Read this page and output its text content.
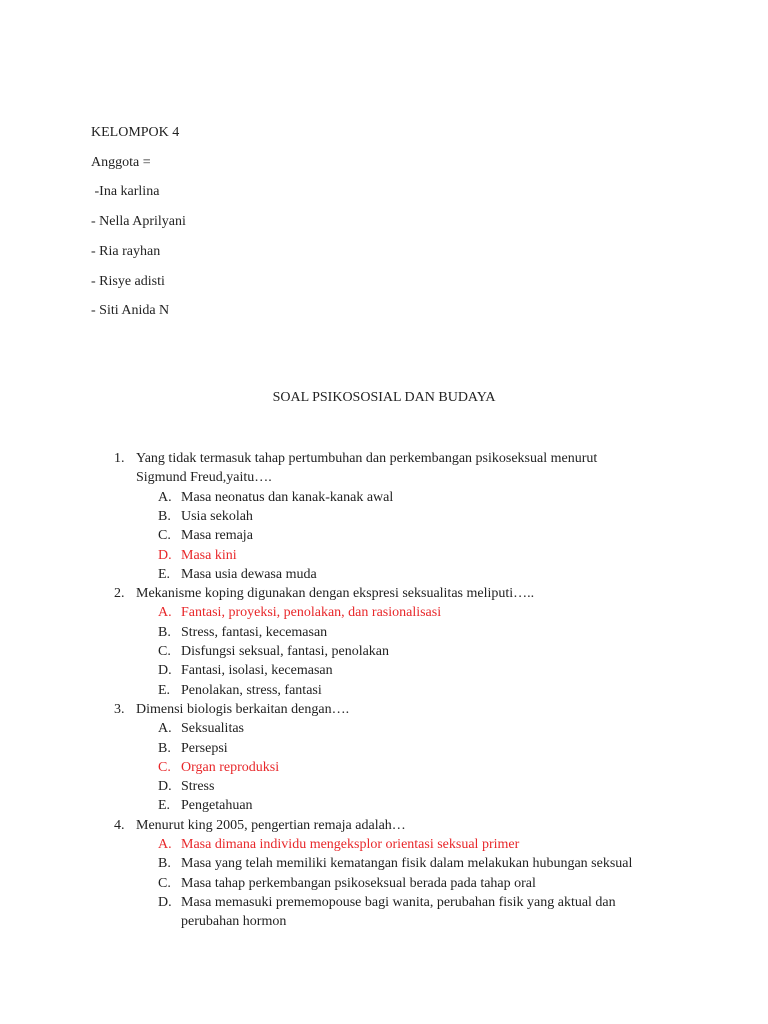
KELOMPOK 4
Anggota =
-Ina karlina
- Nella Aprilyani
- Ria rayhan
- Risye adisti
- Siti Anida N
SOAL PSIKOSOSIAL DAN BUDAYA
1. Yang tidak termasuk tahap pertumbuhan dan perkembangan psikoseksual menurut
Sigmund Freud,yaitu….
A. Masa neonatus dan kanak-kanak awal
B. Usia sekolah
C. Masa remaja
D. Masa kini
E. Masa usia dewasa muda
2. Mekanisme koping digunakan dengan ekspresi seksualitas meliputi…..
A. Fantasi, proyeksi, penolakan, dan rasionalisasi
B. Stress, fantasi, kecemasan
C. Disfungsi seksual, fantasi, penolakan
D. Fantasi, isolasi, kecemasan
E. Penolakan, stress, fantasi
3. Dimensi biologis berkaitan dengan….
A. Seksualitas
B. Persepsi
C. Organ reproduksi
D. Stress
E. Pengetahuan
4. Menurut king 2005, pengertian remaja adalah…
A. Masa dimana individu mengeksplor orientasi seksual primer
B. Masa yang telah memiliki kematangan fisik dalam melakukan hubungan seksual
C. Masa tahap perkembangan psikoseksual berada pada tahap oral
D. Masa memasuki prememopouse bagi wanita, perubahan fisik yang aktual dan
perubahan hormon
